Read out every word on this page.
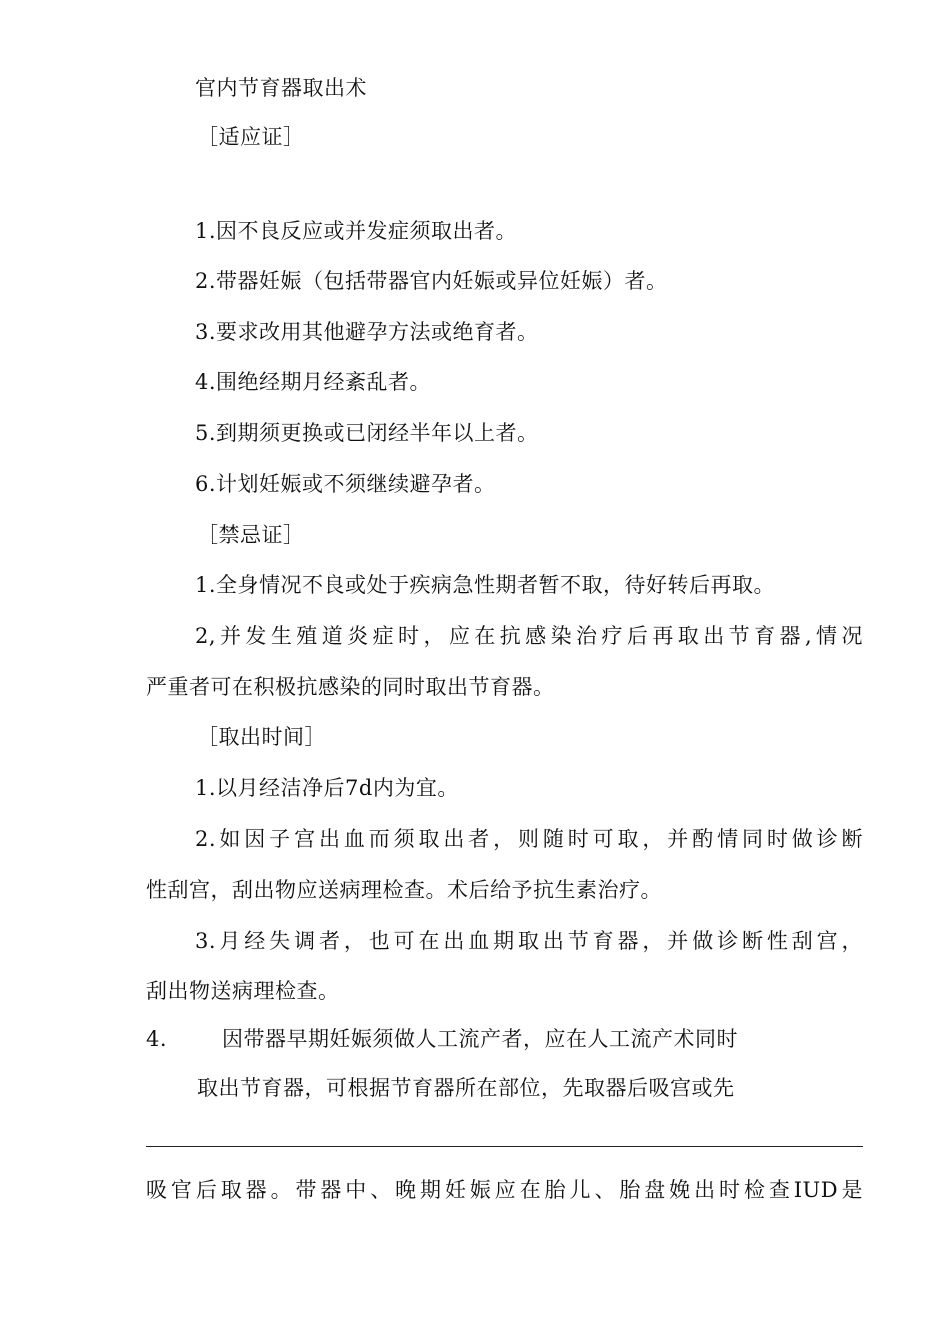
官内节育器取出术
［适应证］
1.因不良反应或并发症须取出者。
2.带器妊娠（包括带器官内妊娠或异位妊娠）者。
3.要求改用其他避孕方法或绝育者。
4.围绝经期月经紊乱者。
5.到期须更换或已闭经半年以上者。
6.计划妊娠或不须继续避孕者。
［禁忌证］
1.全身情况不良或处于疾病急性期者暂不取，待好转后再取。
2,并发生殖道炎症时，应在抗感染治疗后再取出节育器,情况
严重者可在积极抗感染的同时取出节育器。
［取出时间］
1.以月经洁净后7d内为宜。
2.如因子宫出血而须取出者，则随时可取，并酌情同时做诊断
性刮宫，刮出物应送病理检查。术后给予抗生素治疗。
3.月经失调者，也可在出血期取出节育器，并做诊断性刮宫，
刮出物送病理检查。
4.	因带器早期妊娠须做人工流产者，应在人工流产术同时
取出节育器，可根据节育器所在部位，先取器后吸宫或先
吸官后取器。带器中、晚期妊娠应在胎儿、胎盘娩出时检查IUD是
